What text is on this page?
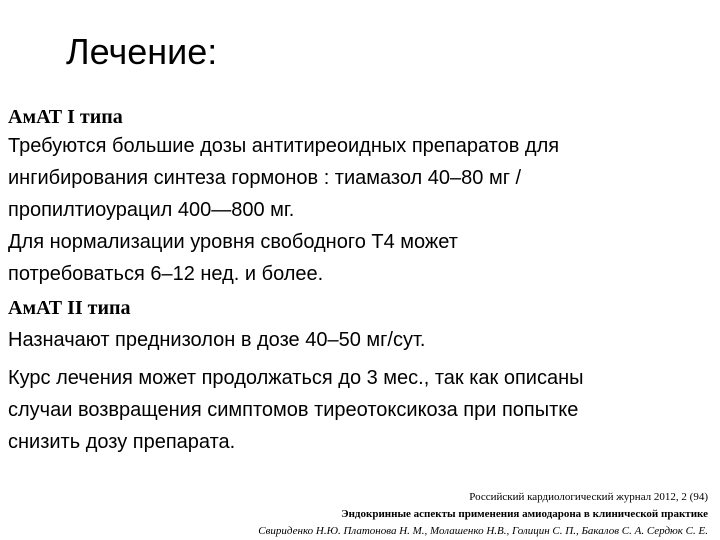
Лечение:
АмАТ I типа
Требуются большие дозы антитиреоидных препаратов для
ингибирования синтеза гормонов : тиамазол 40–80 мг /
пропилтиоурацил 400—800 мг.
Для нормализации уровня свободного Т4 может
потребоваться 6–12 нед. и более.
АмАТ II типа
Назначают преднизолон в дозе 40–50 мг/сут.
Курс лечения может продолжаться до 3 мес., так как описаны
случаи возвращения симптомов тиреотоксикоза при попытке
снизить дозу препарата.
Российский кардиологический журнал 2012, 2 (94)
Эндокринные аспекты применения амиодарона в клинической практике
Свириденко Н.Ю. Платонова Н. М., Молашенко Н.В., Голицин С. П., Бакалов С. А. Сердюк С. Е.
